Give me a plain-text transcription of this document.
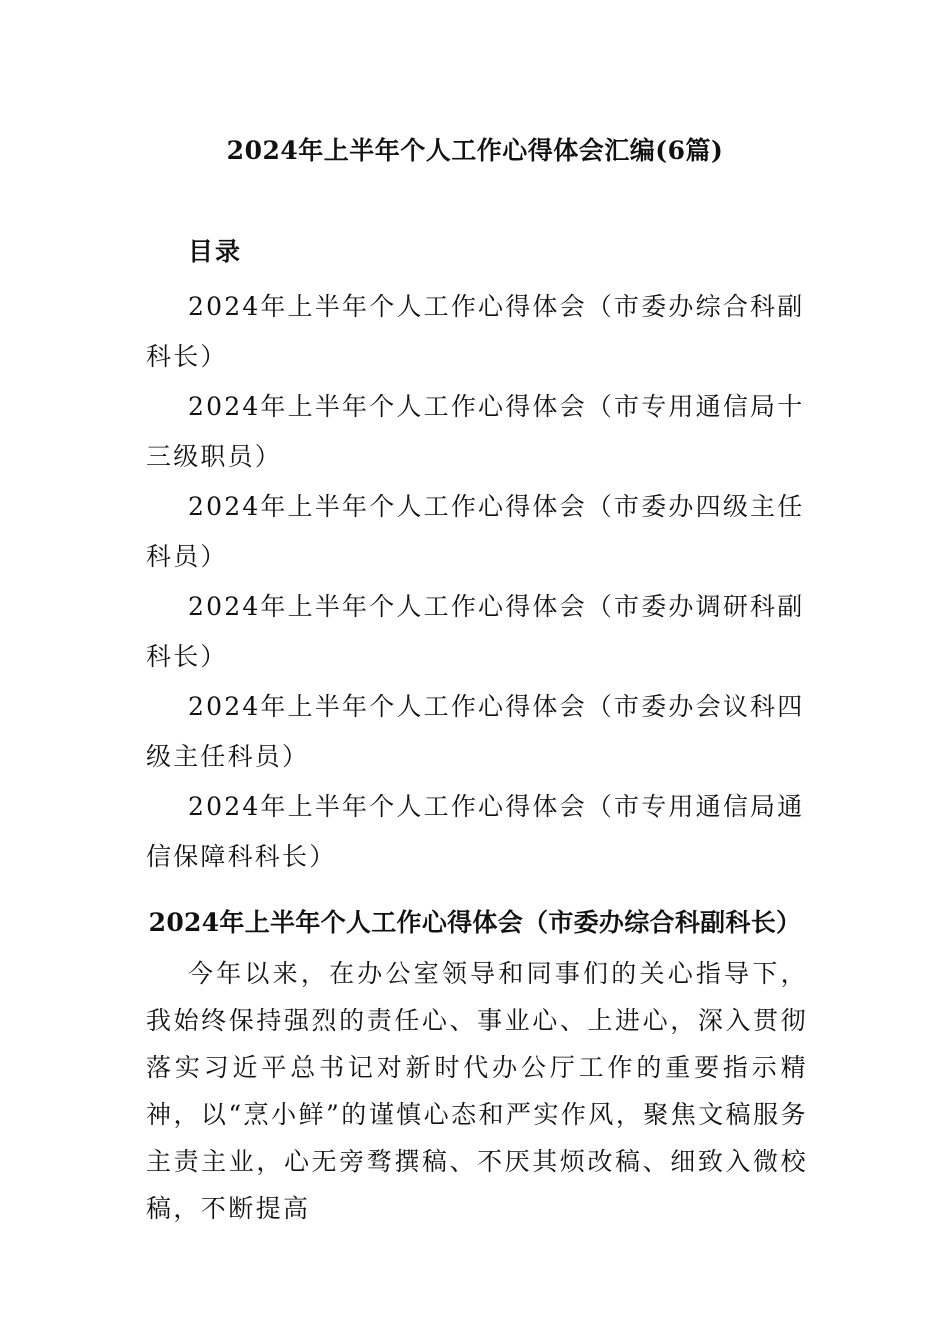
2024年上半年个人工作心得体会汇编(6篇)
目录
2024年上半年个人工作心得体会（市委办综合科副科长）
2024年上半年个人工作心得体会（市专用通信局十三级职员）
2024年上半年个人工作心得体会（市委办四级主任科员）
2024年上半年个人工作心得体会（市委办调研科副科长）
2024年上半年个人工作心得体会（市委办会议科四级主任科员）
2024年上半年个人工作心得体会（市专用通信局通信保障科科长）
2024年上半年个人工作心得体会（市委办综合科副科长）

今年以来，在办公室领导和同事们的关心指导下，我始终保持强烈的责任心、事业心、上进心，深入贯彻落实习近平总书记对新时代办公厅工作的重要指示精神，以“烹小鲜”的谨慎心态和严实作风，聚焦文稿服务主责主业，心无旁骛撰稿、不厌其烦改稿、细致入微校稿，不断提高
